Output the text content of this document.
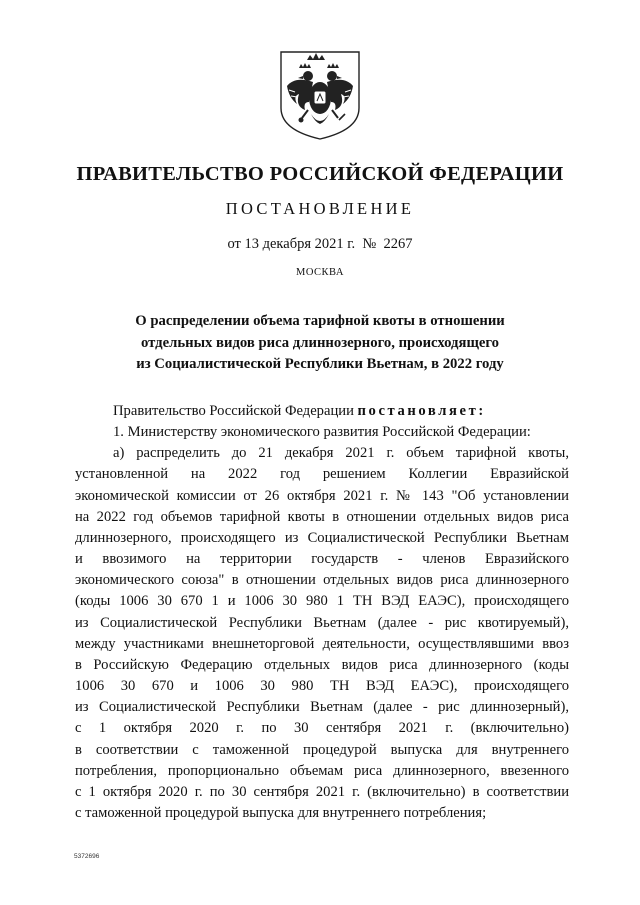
ПРАВИТЕЛЬСТВО РОССИЙСКОЙ ФЕДЕРАЦИИ
ПОСТАНОВЛЕНИЕ
от 13 декабря 2021 г.  №  2267
МОСКВА
О распределении объема тарифной квоты в отношении
отдельных видов риса длиннозерного, происходящего
из Социалистической Республики Вьетнам, в 2022 году
Правительство Российской Федерации постановляет:
1. Министерству экономического развития Российской Федерации:
а) распределить до 21 декабря 2021 г. объем тарифной квоты,
установленной на 2022 год решением Коллегии Евразийской
экономической комиссии от 26 октября 2021 г. № 143 "Об установлении
на 2022 год объемов тарифной квоты в отношении отдельных видов риса
длиннозерного, происходящего из Социалистической Республики Вьетнам
и ввозимого на территории государств - членов Евразийского
экономического союза" в отношении отдельных видов риса длиннозерного
(коды 1006 30 670 1 и 1006 30 980 1 ТН ВЭД ЕАЭС), происходящего
из Социалистической Республики Вьетнам (далее - рис квотируемый),
между участниками внешнеторговой деятельности, осуществлявшими ввоз
в Российскую Федерацию отдельных видов риса длиннозерного (коды
1006 30 670 и 1006 30 980 ТН ВЭД ЕАЭС), происходящего
из Социалистической Республики Вьетнам (далее - рис длиннозерный),
с 1 октября 2020 г. по 30 сентября 2021 г. (включительно)
в соответствии с таможенной процедурой выпуска для внутреннего
потребления, пропорционально объемам риса длиннозерного, ввезенного
с 1 октября 2020 г. по 30 сентября 2021 г. (включительно) в соответствии
с таможенной процедурой выпуска для внутреннего потребления;
5372696
